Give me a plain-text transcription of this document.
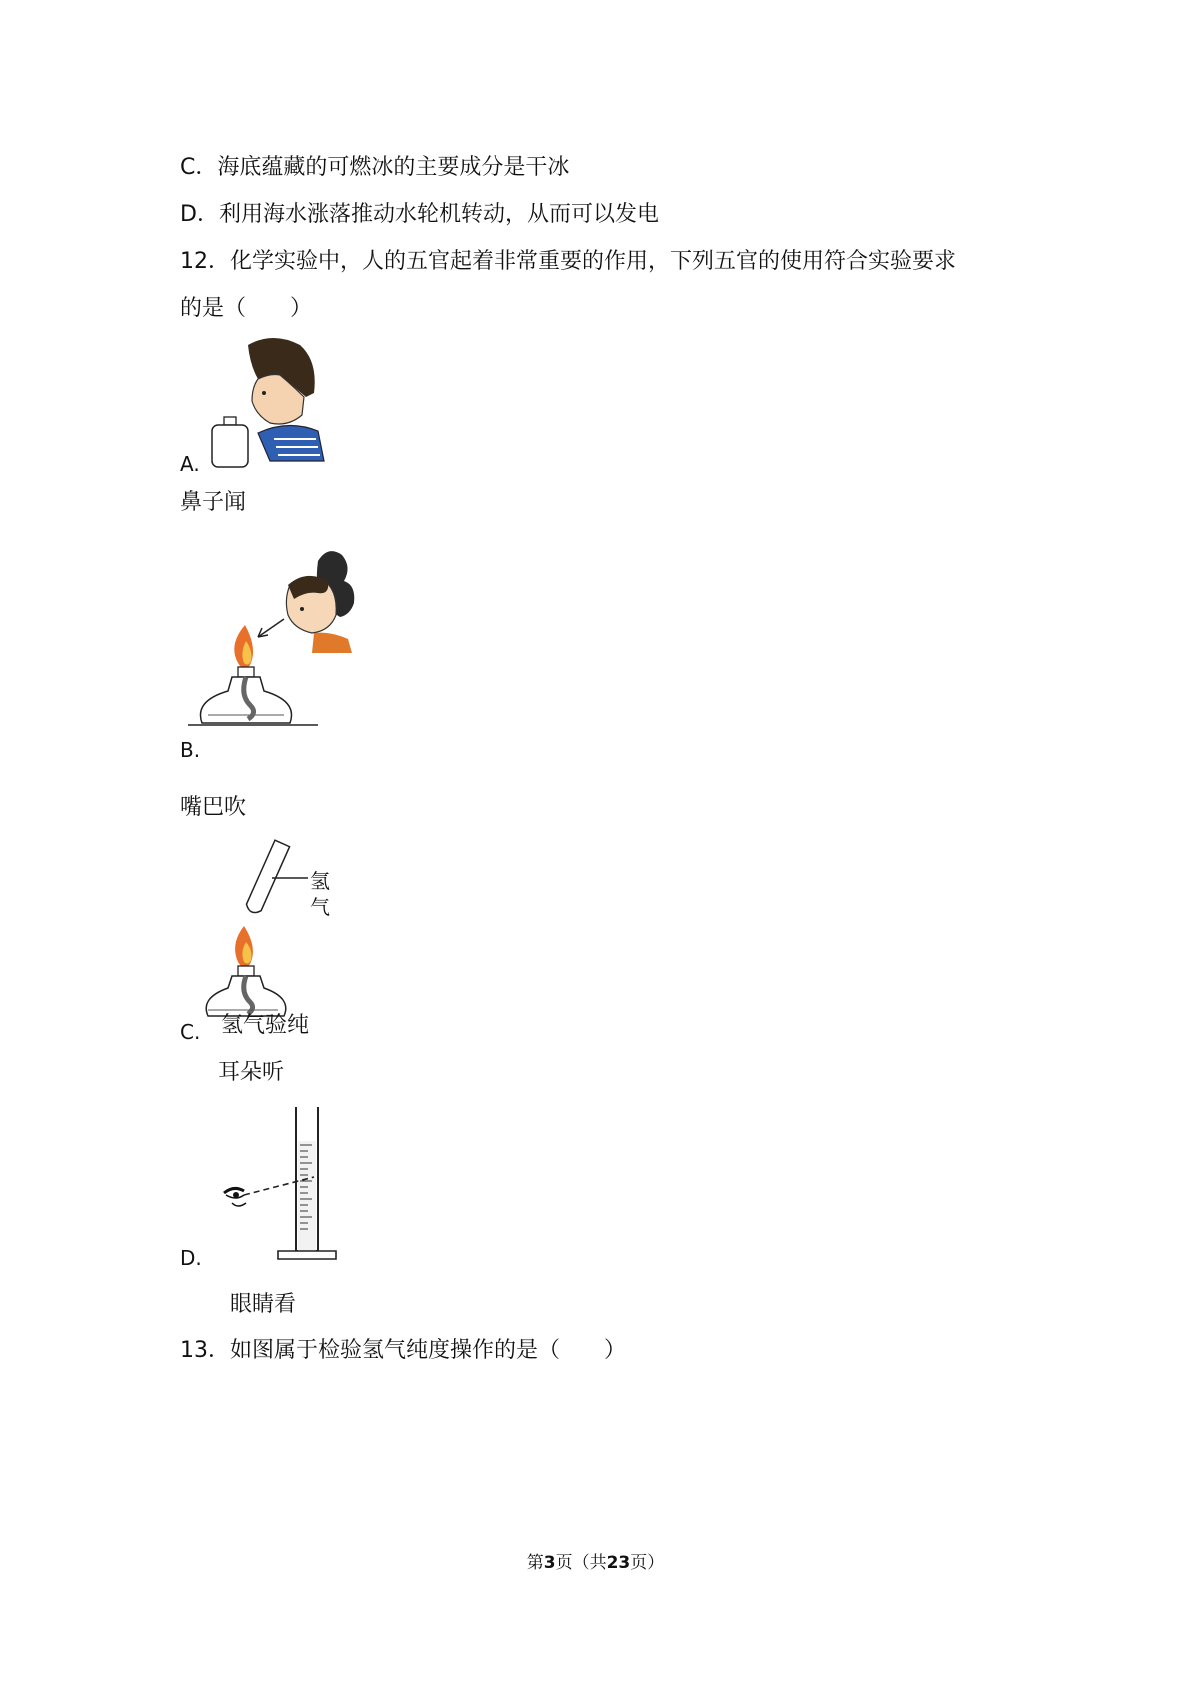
C．海底蕴藏的可燃冰的主要成分是干冰
D．利用海水涨落推动水轮机转动，从而可以发电
12．化学实验中，人的五官起着非常重要的作用，下列五官的使用符合实验要求
的是（　　）
A.
鼻子闻
B.
嘴巴吹
氢
气
氢气验纯
C.
耳朵听
D.
眼睛看
13．如图属于检验氢气纯度操作的是（　　）
第3页（共23页）
